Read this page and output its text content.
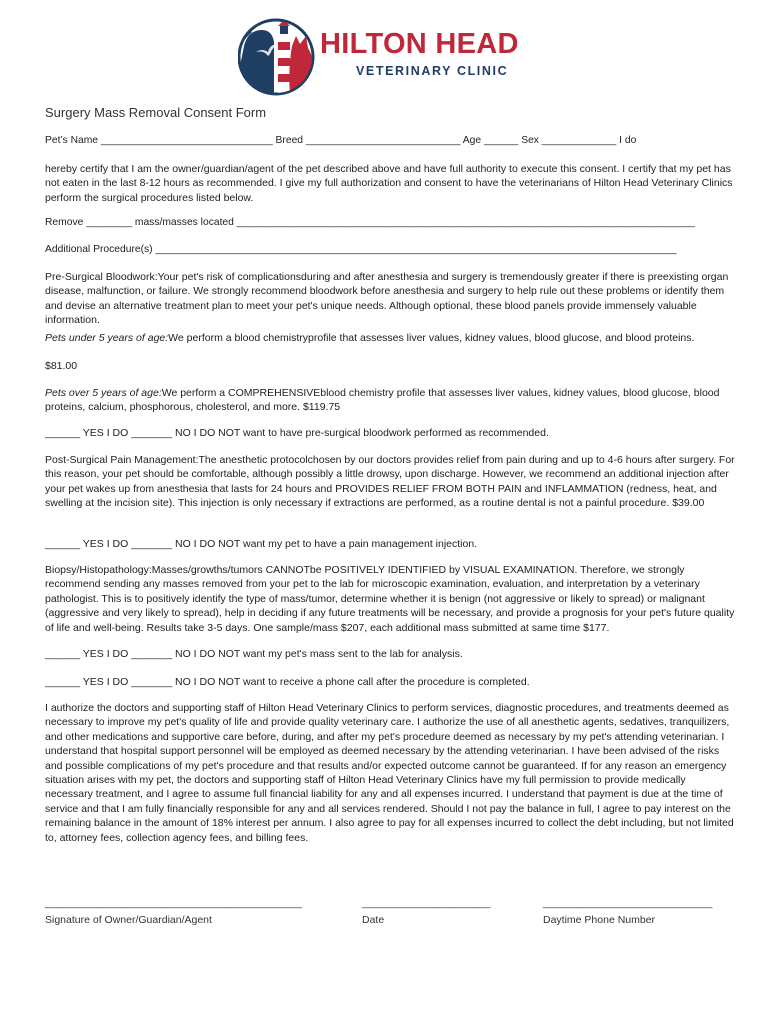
HILTON HEAD
VETERINARY CLINIC
Surgery Mass Removal Consent Form
Pet’s Name ______________________________ Breed ___________________________ Age ______ Sex _____________ I do
hereby certify that I am the owner/guardian/agent of the pet described above and have full authority to execute this consent. I certify that my pet has not eaten in the last 8-12 hours as recommended. I give my full authorization and consent to have the veterinarians of Hilton Head Veterinary Clinics perform the surgical procedures listed below.
Remove ________ mass/masses located ________________________________________________________________________________
Additional Procedure(s) ___________________________________________________________________________________________
Pre-Surgical Bloodwork:Your pet's risk of complicationsduring and after anesthesia and surgery is tremendously greater if there is preexisting organ disease, malfunction, or failure. We strongly recommend bloodwork before anesthesia and surgery to help rule out these problems or identify them and devise an alternative treatment plan to meet your pet's unique needs. Although optional, these blood panels provide immensely valuable information.
Pets under 5 years of age:We perform a blood chemistryprofile that assesses liver values, kidney values, blood glucose, and blood proteins.
$81.00
Pets over 5 years of age:We perform a COMPREHENSIVEblood chemistry profile that assesses liver values, kidney values, blood glucose, blood proteins, calcium, phosphorous, cholesterol, and more. $119.75
______ YES I DO _______ NO I DO NOT want to have pre-surgical bloodwork performed as recommended.
Post-Surgical Pain Management:The anesthetic protocolchosen by our doctors provides relief from pain during and up to 4-6 hours after surgery. For this reason, your pet should be comfortable, although possibly a little drowsy, upon discharge. However, we recommend an additional injection after your pet wakes up from anesthesia that lasts for 24 hours and PROVIDES RELIEF FROM BOTH PAIN and INFLAMMATION (redness, heat, and swelling at the incision site). This injection is only necessary if extractions are performed, as a routine dental is not a painful procedure. $39.00
______ YES I DO _______ NO I DO NOT want my pet to have a pain management injection.
Biopsy/Histopathology:Masses/growths/tumors CANNOTbe POSITIVELY IDENTIFIED by VISUAL EXAMINATION. Therefore, we strongly recommend sending any masses removed from your pet to the lab for microscopic examination, evaluation, and interpretation by a veterinary pathologist. This is to positively identify the type of mass/tumor, determine whether it is benign (not aggressive or likely to spread) or malignant (aggressive and very likely to spread), help in deciding if any future treatments will be necessary, and provide a prognosis for your pet's future quality of life and well-being. Results take 3-5 days. One sample/mass $207, each additional mass submitted at same time $177.
______ YES I DO _______ NO I DO NOT want my pet's mass sent to the lab for analysis.
______ YES I DO _______ NO I DO NOT want to receive a phone call after the procedure is completed.
I authorize the doctors and supporting staff of Hilton Head Veterinary Clinics to perform services, diagnostic procedures, and treatments deemed as necessary to improve my pet's quality of life and provide quality veterinary care. I authorize the use of all anesthetic agents, sedatives, tranquilizers, and other medications and supportive care before, during, and after my pet's procedure deemed as necessary by my pet's attending veterinarian. I understand that hospital support personnel will be employed as deemed necessary by the attending veterinarian. I have been advised of the risks and possible complications of my pet's procedure and that results and/or expected outcome cannot be guaranteed. If for any reason an emergency situation arises with my pet, the doctors and supporting staff of Hilton Head Veterinary Clinics have my full permission to provide medically necessary treatment, and I agree to assume full financial liability for any and all expenses incurred. I understand that payment is due at the time of service and that I am fully financially responsible for any and all services rendered. Should I not pay the balance in full, I agree to pay interest on the remaining balance in the amount of 18% interest per annum. I also agree to pay for all expenses incurred to collect the debt including, but not limited to, attorney fees, collection agency fees, and billing fees.
____________________________________________
Signature of Owner/Guardian/Agent
______________________
Date
_____________________________
Daytime Phone Number
